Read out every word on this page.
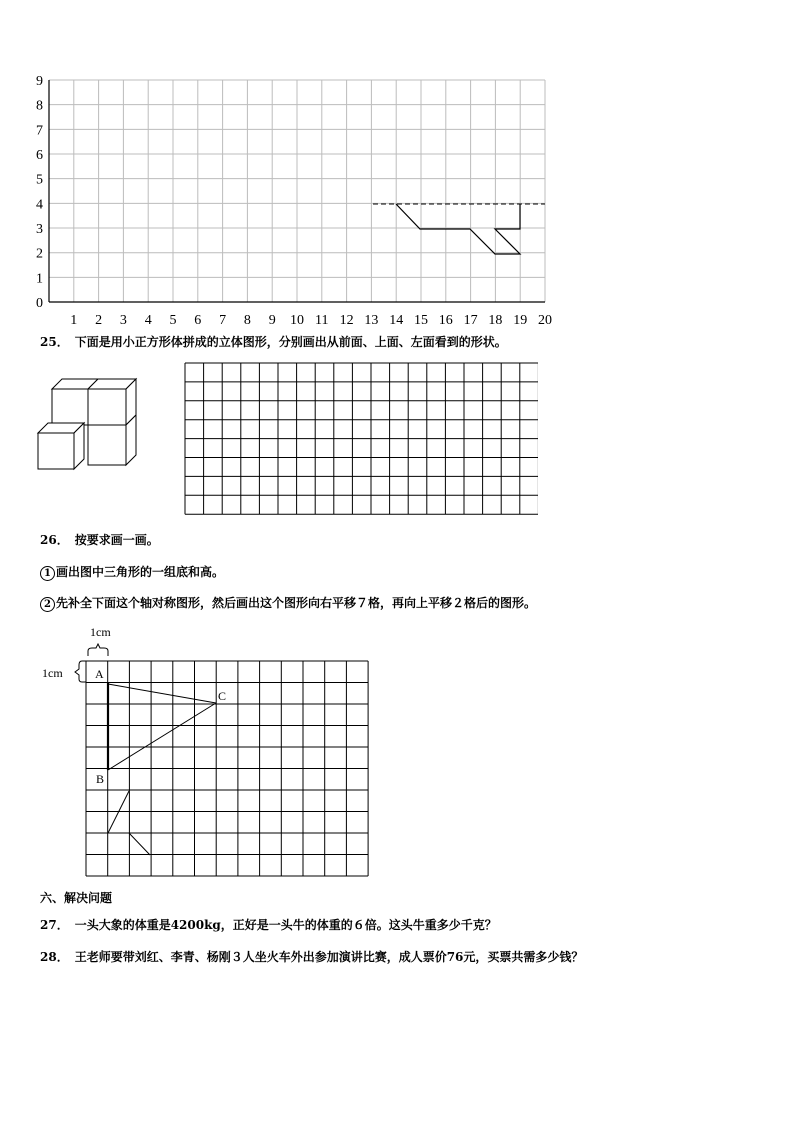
9
8
7
6
5
4
3
2
1
0
1 2 3 4 5 6 7 8 9 10 11 12 13 14 15 16 17 18 19 20
25． 下面是用小正方形体拼成的立体图形，分别画出从前面、上面、左面看到的形状。
26． 按要求画一画。
1 画出图中三角形的一组底和高。
2 先补全下面这个轴对称图形，然后画出这个图形向右平移７格，再向上平移２格后的图形。
1cm
1cm	A
B
C
六、解决问题
27． 一头大象的体重是4200kg，正好是一头牛的体重的６倍。这头牛重多少千克？
28． 王老师要带刘红、李青、杨刚３人坐火车外出参加演讲比赛，成人票价76元，买票共需多少钱？
